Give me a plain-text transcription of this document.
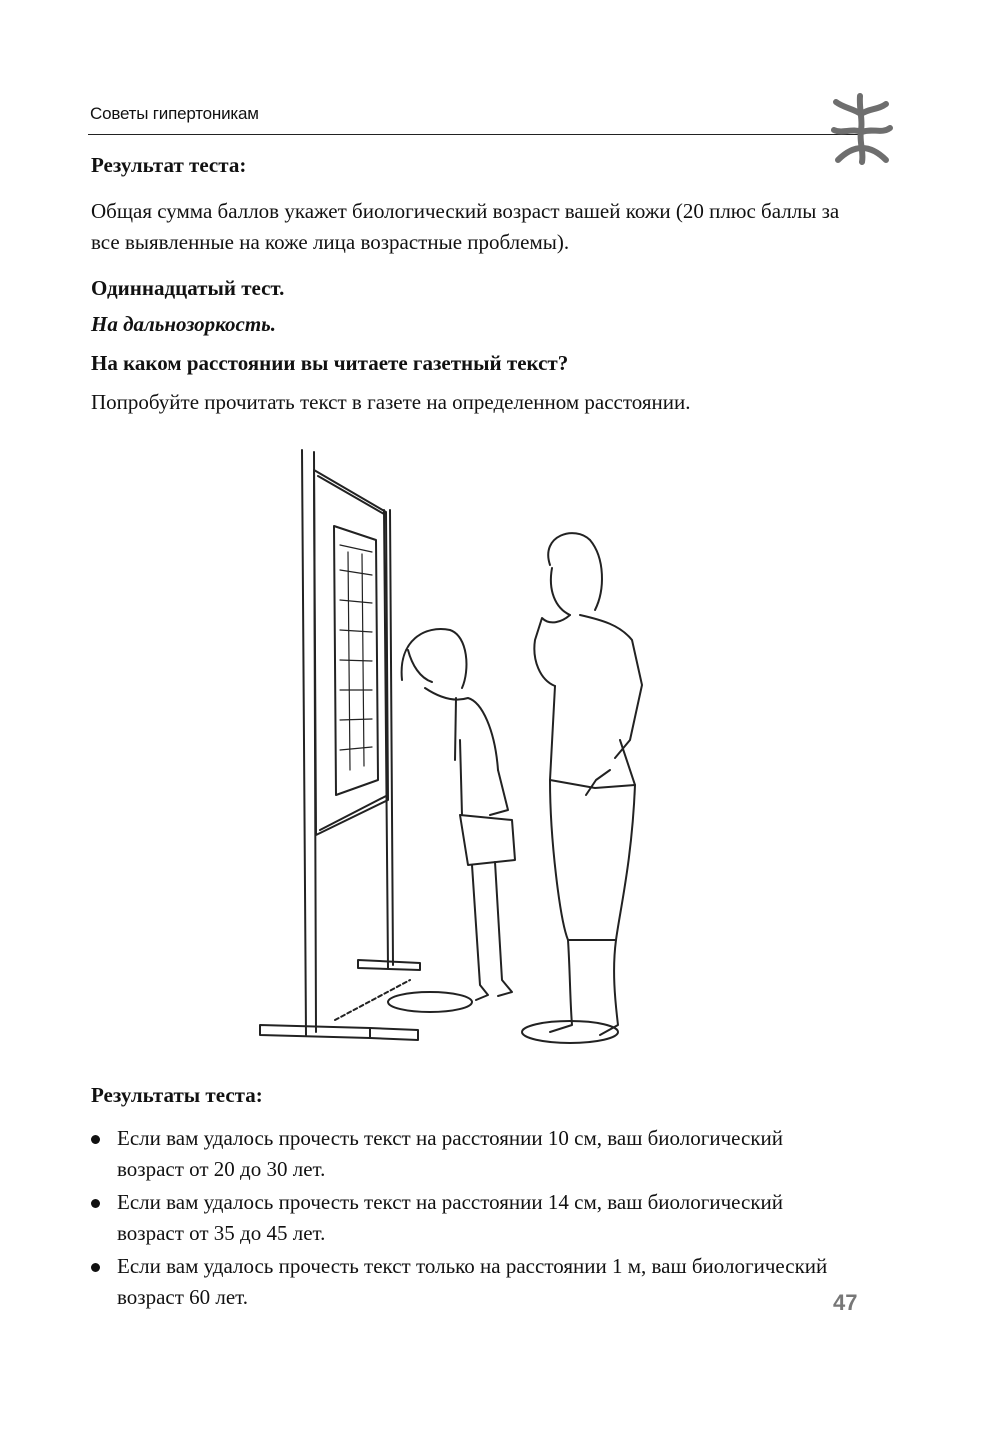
Советы гипертоникам

Результат теста:

Общая сумма баллов укажет биологический возраст вашей кожи (20 плюс баллы за все выявленные на коже лица возрастные проблемы).

Одиннадцатый тест.

На дальнозоркость.

На каком расстоянии вы читаете газетный текст?

Попробуйте прочитать текст в газете на определенном расстоянии.

Результаты теста:
Если вам удалось прочесть текст на расстоянии 10 см, ваш биологический возраст от 20 до 30 лет.
Если вам удалось прочесть текст на расстоянии 14 см, ваш биологический возраст от 35 до 45 лет.
Если вам удалось прочесть текст только на расстоянии 1 м, ваш биологический возраст 60 лет.	47
